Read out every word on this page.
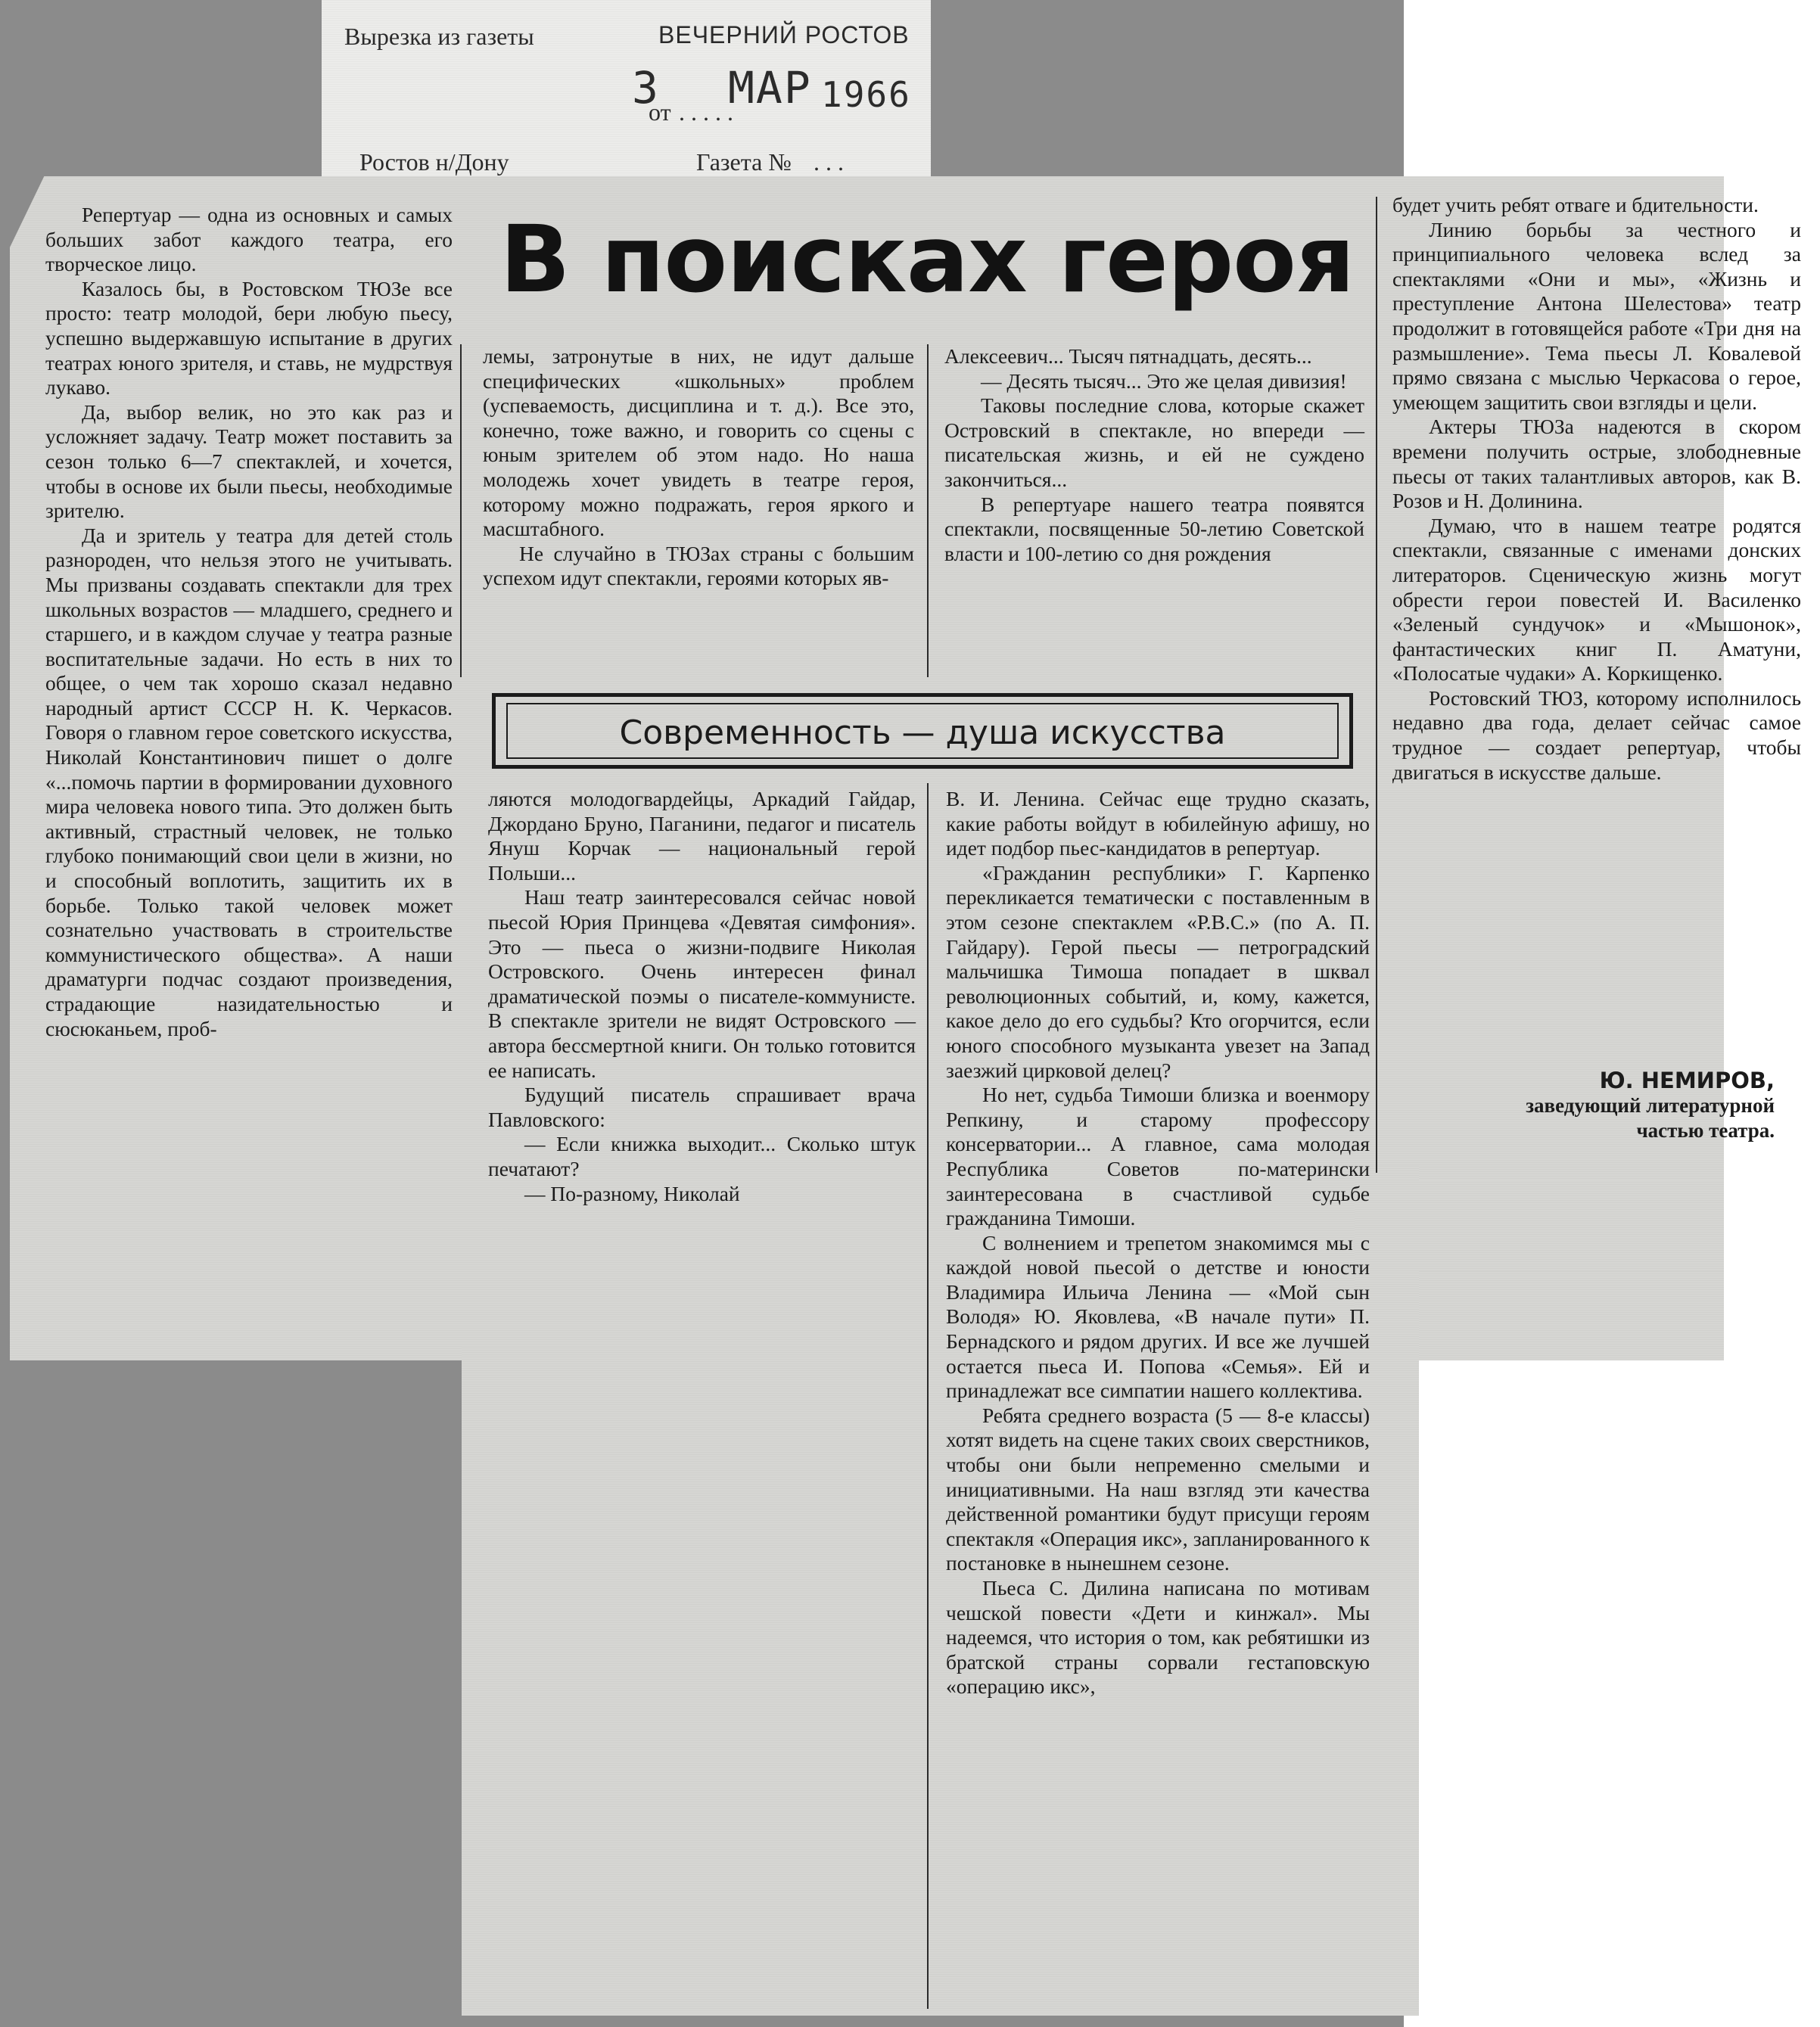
Вырезка из газеты	ВЕЧЕРНИЙ РОСТОВ
3
от . . . . .
МАР 1966
Ростов н/Дону	Газета № . . .
В поисках героя

Репертуар — одна из основных и самых больших забот каждого театра, его творческое лицо.

Казалось бы, в Ростовском ТЮЗе все просто: театр молодой, бери любую пьесу, успешно выдержавшую испытание в других театрах юного зрителя, и ставь, не мудрствуя лукаво.

Да, выбор велик, но это как раз и усложняет задачу. Театр может поставить за сезон только 6—7 спектаклей, и хочется, чтобы в основе их были пьесы, необходимые зрителю.

Да и зритель у театра для детей столь разнороден, что нельзя этого не учитывать. Мы призваны создавать спектакли для трех школьных возрастов — младшего, среднего и старшего, и в каждом случае у театра разные воспитательные задачи. Но есть в них то общее, о чем так хорошо сказал недавно народный артист СССР Н. К. Черкасов. Говоря о главном герое советского искусства, Николай Константинович пишет о долге «...помочь партии в формировании духовного мира человека нового типа. Это должен быть активный, страстный человек, не только глубоко понимающий свои цели в жизни, но и способный воплотить, защитить их в борьбе. Только такой человек может сознательно участвовать в строительстве коммунистического общества». А наши драматурги подчас создают произведения, страдающие назидательностью и сюсюканьем, проб-

лемы, затронутые в них, не идут дальше специфических «школьных» проблем (успеваемость, дисциплина и т. д.). Все это, конечно, тоже важно, и говорить со сцены с юным зрителем об этом надо. Но наша молодежь хочет увидеть в театре героя, которому можно подражать, героя яркого и масштабного.

Не случайно в ТЮЗах страны с большим успехом идут спектакли, героями которых яв-

Алексеевич... Тысяч пятнадцать, десять...

— Десять тысяч... Это же целая дивизия!

Таковы последние слова, которые скажет Островский в спектакле, но впереди — писательская жизнь, и ей не суждено закончиться...

В репертуаре нашего театра появятся спектакли, посвященные 50-летию Советской власти и 100-летию со дня рождения

Современность — душа искусства

ляются молодогвардейцы, Аркадий Гайдар, Джордано Бруно, Паганини, педагог и писатель Януш Корчак — национальный герой Польши...

Наш театр заинтересовался сейчас новой пьесой Юрия Принцева «Девятая симфония». Это — пьеса о жизни-подвиге Николая Островского. Очень интересен финал драматической поэмы о писателе-коммунисте. В спектакле зрители не видят Островского — автора бессмертной книги. Он только готовится ее написать.

Будущий писатель спрашивает врача Павловского:

— Если книжка выходит... Сколько штук печатают?

— По-разному, Николай

В. И. Ленина. Сейчас еще трудно сказать, какие работы войдут в юбилейную афишу, но идет подбор пьес-кандидатов в репертуар.

«Гражданин республики» Г. Карпенко перекликается тематически с поставленным в этом сезоне спектаклем «Р.В.С.» (по А. П. Гайдару). Герой пьесы — петроградский мальчишка Тимоша попадает в шквал революционных событий, и, кому, кажется, какое дело до его судьбы? Кто огорчится, если юного способного музыканта увезет на Запад заезжий цирковой делец?

Но нет, судьба Тимоши близка и военмору Репкину, и старому профессору консерватории... А главное, сама молодая Республика Советов по-матерински заинтересована в счастливой судьбе гражданина Тимоши.

С волнением и трепетом знакомимся мы с каждой новой пьесой о детстве и юности Владимира Ильича Ленина — «Мой сын Володя» Ю. Яковлева, «В начале пути» П. Бернадского и рядом других. И все же лучшей остается пьеса И. Попова «Семья». Ей и принадлежат все симпатии нашего коллектива.

Ребята среднего возраста (5 — 8-е классы) хотят видеть на сцене таких своих сверстников, чтобы они были непременно смелыми и инициативными. На наш взгляд эти качества действенной романтики будут присущи героям спектакля «Операция икс», запланированного к постановке в нынешнем сезоне.

Пьеса С. Дилина написана по мотивам чешской повести «Дети и кинжал». Мы надеемся, что история о том, как ребятишки из братской страны сорвали гестаповскую «операцию икс»,

будет учить ребят отваге и бдительности.

Линию борьбы за честного и принципиального человека вслед за спектаклями «Они и мы», «Жизнь и преступление Антона Шелестова» театр продолжит в готовящейся работе «Три дня на размышление». Тема пьесы Л. Ковалевой прямо связана с мыслью Черкасова о герое, умеющем защитить свои взгляды и цели.

Актеры ТЮЗа надеются в скором времени получить острые, злободневные пьесы от таких талантливых авторов, как В. Розов и Н. Долинина.

Думаю, что в нашем театре родятся спектакли, связанные с именами донских литераторов. Сценическую жизнь могут обрести герои повестей И. Василенко «Зеленый сундучок» и «Мышонок», фантастических книг П. Аматуни, «Полосатые чудаки» А. Коркищенко.

Ростовский ТЮЗ, которому исполнилось недавно два года, делает сейчас самое трудное — создает репертуар, чтобы двигаться в искусстве дальше.

Ю. НЕМИРОВ,
заведующий литературной
частью театра.
